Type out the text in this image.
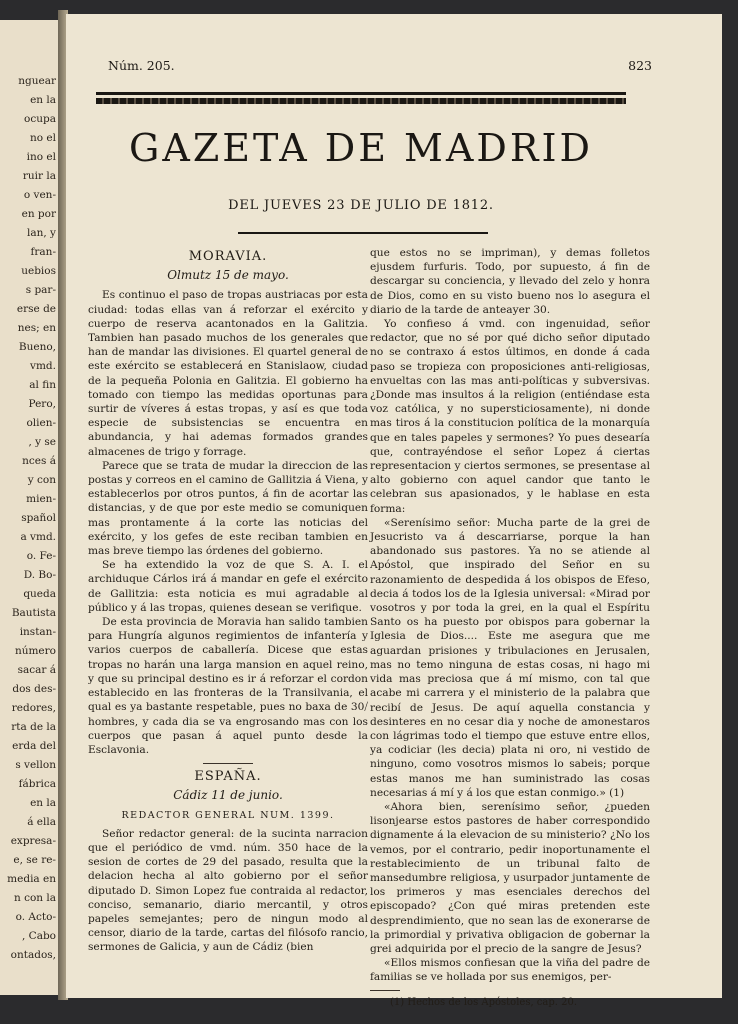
nguear
en la
ocupa
no el
ino el
ruir la
o ven-
en por
lan, y
fran-
uebios
s par-
erse de
nes; en
Bueno,
vmd.
al fin
Pero,
olien-
, y se
nces á
y con
mien-
spañol
a vmd.
o. Fe-
D. Bo-
queda
Bautista
instan-
número
sacar á
dos des-
redores,
rta de la
erda del
s vellon
fábrica
en la
á ella
expresa-
e, se re-
media en
n con la
o. Acto-
, Cabo
ontados,
Núm. 205.	823
GAZETA DE MADRID
DEL JUEVES 23 DE JULIO DE 1812.
MORAVIA.
Olmutz 15 de mayo.

Es continuo el paso de tropas austriacas por esta ciudad: todas ellas van á reforzar el exército y cuerpo de reserva acantonados en la Galitzia. Tambien han pasado muchos de los generales que han de mandar las divisiones. El quartel general de este exército se establecerá en Stanislaow, ciudad de la pequeña Polonia en Galitzia. El gobierno ha tomado con tiempo las medidas oportunas para surtir de víveres á estas tropas, y así es que toda especie de subsistencias se encuentra en abundancia, y hai ademas formados grandes almacenes de trigo y forrage.

Parece que se trata de mudar la direccion de las postas y correos en el camino de Gallitzia á Viena, y establecerlos por otros puntos, á fin de acortar las distancias, y de que por este medio se comuniquen mas prontamente á la corte las noticias del exército, y los gefes de este reciban tambien en mas breve tiempo las órdenes del gobierno.

Se ha extendido la voz de que S. A. I. el archiduque Cárlos irá á mandar en gefe el exército de Gallitzia: esta noticia es mui agradable al público y á las tropas, quienes desean se verifique.

De esta provincia de Moravia han salido tambien para Hungría algunos regimientos de infantería y varios cuerpos de caballería. Dicese que estas tropas no harán una larga mansion en aquel reino, y que su principal destino es ir á reforzar el cordon establecido en las fronteras de la Transilvania, el qual es ya bastante respetable, pues no baxa de 30⧸ hombres, y cada dia se va engrosando mas con los cuerpos que pasan á aquel punto desde la Esclavonia.

ESPAÑA.
Cádiz 11 de junio.
REDACTOR GENERAL NUM. 1399.

Señor redactor general: de la sucinta narracion que el periódico de vmd. núm. 350 hace de la sesion de cortes de 29 del pasado, resulta que la delacion hecha al alto gobierno por el señor diputado D. Simon Lopez fue contraida al redactor, conciso, semanario, diario mercantil, y otros papeles semejantes; pero de ningun modo al censor, diario de la tarde, cartas del filósofo rancio, sermones de Galicia, y aun de Cádiz (bien

que estos no se impriman), y demas folletos ejusdem furfuris. Todo, por supuesto, á fin de descargar su conciencia, y llevado del zelo y honra de Dios, como en su visto bueno nos lo asegura el diario de la tarde de anteayer 30.

Yo confieso á vmd. con ingenuidad, señor redactor, que no sé por qué dicho señor diputado no se contraxo á estos últimos, en donde á cada paso se tropieza con proposiciones anti-religiosas, envueltas con las mas anti-políticas y subversivas. ¿Donde mas insultos á la religion (entiéndase esta voz católica, y no supersticiosamente), ni donde mas tiros á la constitucion política de la monarquía que en tales papeles y sermones? Yo pues desearía que, contrayéndose el señor Lopez á ciertas representacion y ciertos sermones, se presentase al alto gobierno con aquel candor que tanto le celebran sus apasionados, y le hablase en esta forma:

«Serenísimo señor: Mucha parte de la grei de Jesucristo va á descarriarse, porque la han abandonado sus pastores. Ya no se atiende al Apóstol, que inspirado del Señor en su razonamiento de despedida á los obispos de Efeso, decia á todos los de la Iglesia universal: «Mirad por vosotros y por toda la grei, en la qual el Espíritu Santo os ha puesto por obispos para gobernar la Iglesia de Dios.... Este me asegura que me aguardan prisiones y tribulaciones en Jerusalen, mas no temo ninguna de estas cosas, ni hago mi vida mas preciosa que á mí mismo, con tal que acabe mi carrera y el ministerio de la palabra que recibí de Jesus. De aquí aquella constancia y desinteres en no cesar dia y noche de amonestaros con lágrimas todo el tiempo que estuve entre ellos, ya codiciar (les decia) plata ni oro, ni vestido de ninguno, como vosotros mismos lo sabeis; porque estas manos me han suministrado las cosas necesarias á mí y á los que estan conmigo.» (1)

«Ahora bien, serenísimo señor, ¿pueden lisonjearse estos pastores de haber correspondido dignamente á la elevacion de su ministerio? ¿No los vemos, por el contrario, pedir inoportunamente el restablecimiento de un tribunal falto de mansedumbre religiosa, y usurpador juntamente de los primeros y mas esenciales derechos del episcopado? ¿Con qué miras pretenden este desprendimiento, que no sean las de exonerarse de la primordial y privativa obligacion de gobernar la grei adquirida por el precio de la sangre de Jesus?

«Ellos mismos confiesan que la viña del padre de familias se ve hollada por sus enemigos, per-

(1) Hechos de los Apóstoles, cap. 20.
